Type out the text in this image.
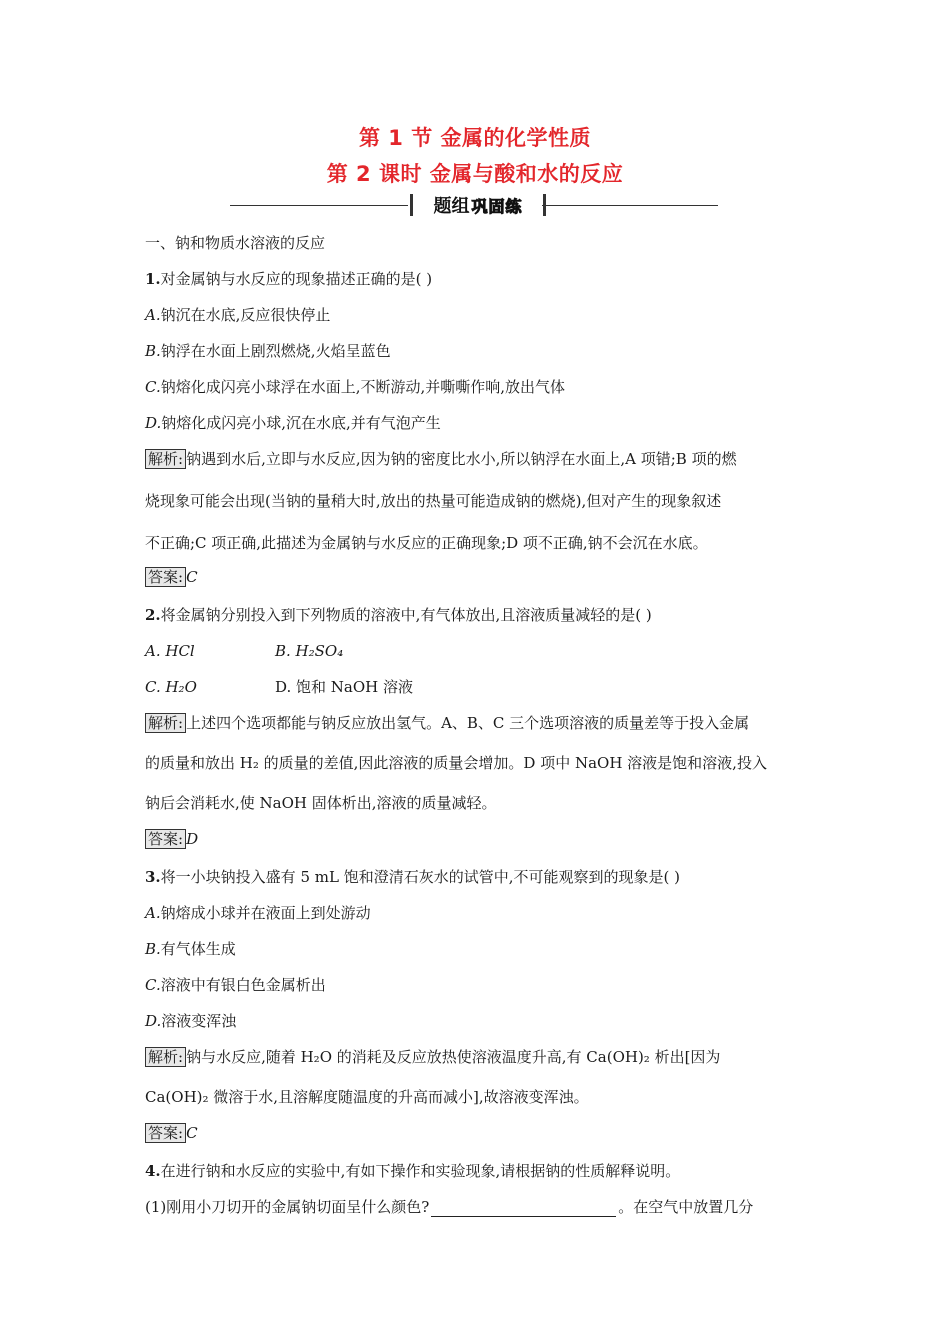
第 1 节 金属的化学性质
第 2 课时 金属与酸和水的反应
题组 巩固练
一、钠和物质水溶液的反应
1.对金属钠与水反应的现象描述正确的是( )
A.钠沉在水底,反应很快停止
B.钠浮在水面上剧烈燃烧,火焰呈蓝色
C.钠熔化成闪亮小球浮在水面上,不断游动,并嘶嘶作响,放出气体
D.钠熔化成闪亮小球,沉在水底,并有气泡产生
解析: 钠遇到水后,立即与水反应,因为钠的密度比水小,所以钠浮在水面上,A 项错;B 项的燃
烧现象可能会出现(当钠的量稍大时,放出的热量可能造成钠的燃烧),但对产生的现象叙述
不正确;C 项正确,此描述为金属钠与水反应的正确现象;D 项不正确,钠不会沉在水底。
答案: C
2.将金属钠分别投入到下列物质的溶液中,有气体放出,且溶液质量减轻的是( )
A. HCl	B. H₂SO₄
C. H₂O	D. 饱和 NaOH 溶液
解析: 上述四个选项都能与钠反应放出氢气。A、B、C 三个选项溶液的质量差等于投入金属
的质量和放出 H₂ 的质量的差值,因此溶液的质量会增加。D 项中 NaOH 溶液是饱和溶液,投入
钠后会消耗水,使 NaOH 固体析出,溶液的质量减轻。
答案: D
3.将一小块钠投入盛有 5 mL 饱和澄清石灰水的试管中,不可能观察到的现象是( )
A.钠熔成小球并在液面上到处游动
B.有气体生成
C.溶液中有银白色金属析出
D.溶液变浑浊
解析: 钠与水反应,随着 H₂O 的消耗及反应放热使溶液温度升高,有 Ca(OH)₂ 析出[因为
Ca(OH)₂ 微溶于水,且溶解度随温度的升高而减小],故溶液变浑浊。
答案: C
4.在进行钠和水反应的实验中,有如下操作和实验现象,请根据钠的性质解释说明。
(1)刚用小刀切开的金属钠切面呈什么颜色?	。在空气中放置几分
